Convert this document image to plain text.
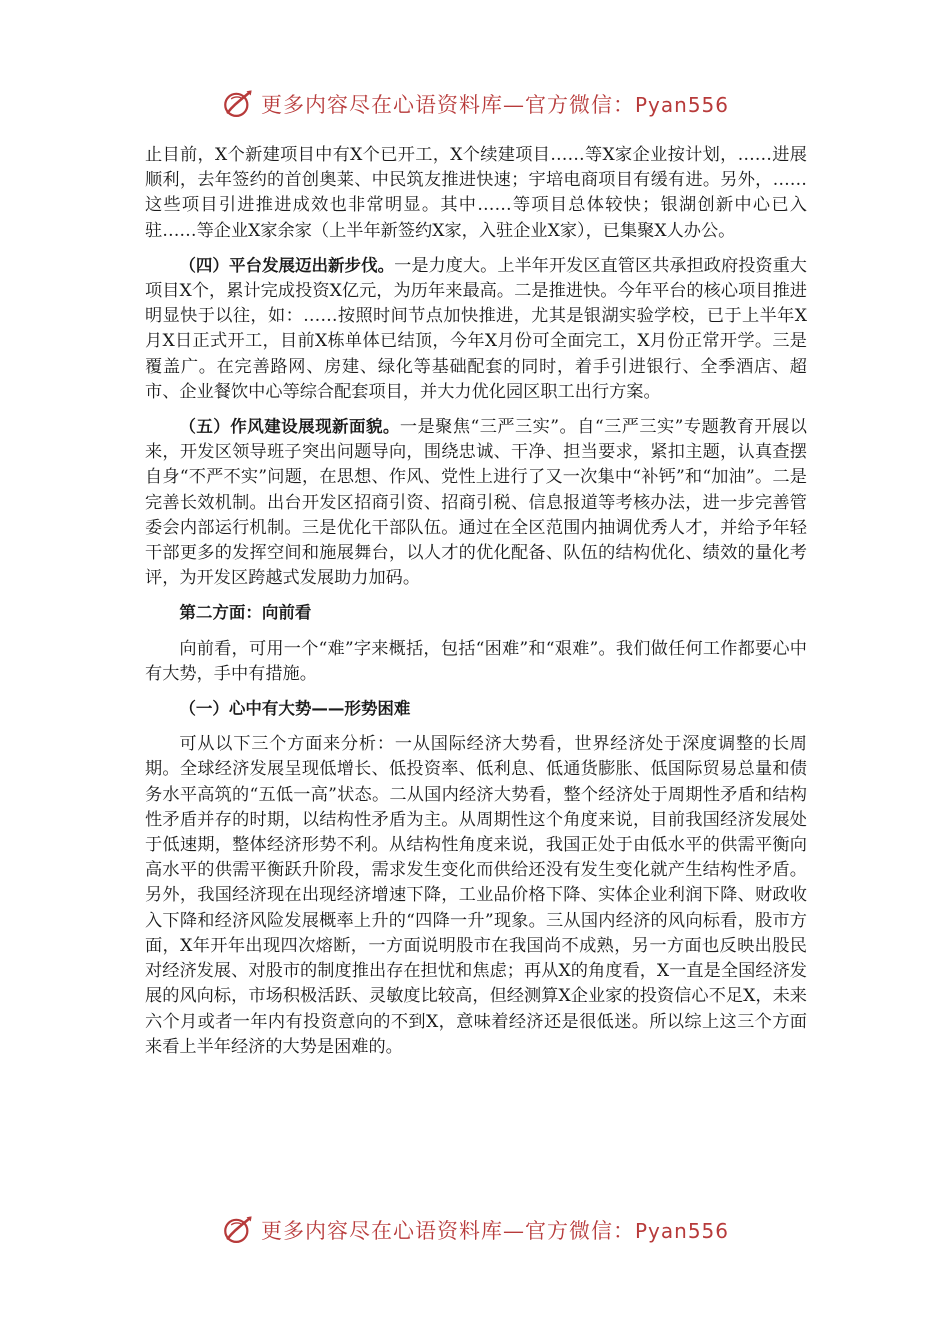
更多内容尽在心语资料库—官方微信：Pyan556

止目前，X个新建项目中有X个已开工，X个续建项目……等X家企业按计划，……进展顺利，去年签约的首创奥莱、中民筑友推进快速；宇培电商项目有缓有进。另外，……这些项目引进推进成效也非常明显。其中……等项目总体较快；银湖创新中心已入驻……等企业X家余家（上半年新签约X家，入驻企业X家），已集聚X人办公。

（四）平台发展迈出新步伐。一是力度大。上半年开发区直管区共承担政府投资重大项目X个，累计完成投资X亿元，为历年来最高。二是推进快。今年平台的核心项目推进明显快于以往，如：……按照时间节点加快推进，尤其是银湖实验学校，已于上半年X月X日正式开工，目前X栋单体已结顶，今年X月份可全面完工，X月份正常开学。三是覆盖广。在完善路网、房建、绿化等基础配套的同时，着手引进银行、全季酒店、超市、企业餐饮中心等综合配套项目，并大力优化园区职工出行方案。

（五）作风建设展现新面貌。一是聚焦“三严三实”。自“三严三实”专题教育开展以来，开发区领导班子突出问题导向，围绕忠诚、干净、担当要求，紧扣主题，认真查摆自身“不严不实”问题，在思想、作风、党性上进行了又一次集中“补钙”和“加油”。二是完善长效机制。出台开发区招商引资、招商引税、信息报道等考核办法，进一步完善管委会内部运行机制。三是优化干部队伍。通过在全区范围内抽调优秀人才，并给予年轻干部更多的发挥空间和施展舞台，以人才的优化配备、队伍的结构优化、绩效的量化考评，为开发区跨越式发展助力加码。

第二方面：向前看

向前看，可用一个“难”字来概括，包括“困难”和“艰难”。我们做任何工作都要心中有大势，手中有措施。

（一）心中有大势——形势困难

可从以下三个方面来分析：一从国际经济大势看，世界经济处于深度调整的长周期。全球经济发展呈现低增长、低投资率、低利息、低通货膨胀、低国际贸易总量和债务水平高筑的“五低一高”状态。二从国内经济大势看，整个经济处于周期性矛盾和结构性矛盾并存的时期，以结构性矛盾为主。从周期性这个角度来说，目前我国经济发展处于低速期，整体经济形势不利。从结构性角度来说，我国正处于由低水平的供需平衡向高水平的供需平衡跃升阶段，需求发生变化而供给还没有发生变化就产生结构性矛盾。另外，我国经济现在出现经济增速下降，工业品价格下降、实体企业利润下降、财政收入下降和经济风险发展概率上升的“四降一升”现象。三从国内经济的风向标看，股市方面，X年开年出现四次熔断，一方面说明股市在我国尚不成熟，另一方面也反映出股民对经济发展、对股市的制度推出存在担忧和焦虑；再从X的角度看，X一直是全国经济发展的风向标，市场积极活跃、灵敏度比较高，但经测算X企业家的投资信心不足X，未来六个月或者一年内有投资意向的不到X，意味着经济还是很低迷。所以综上这三个方面来看上半年经济的大势是困难的。

更多内容尽在心语资料库—官方微信：Pyan556
